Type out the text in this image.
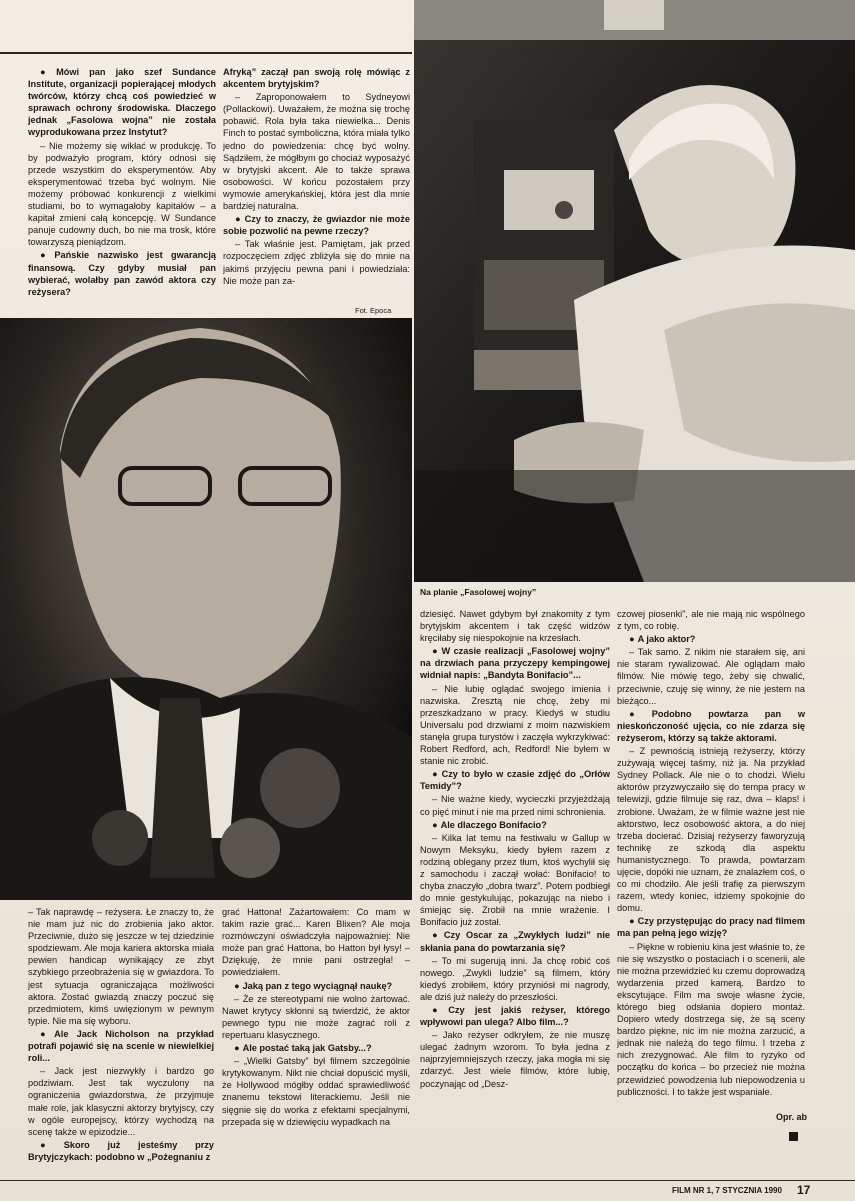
● Mówi pan jako szef Sundance Institute, organizacji popierającej młodych twórców, którzy chcą coś powiedzieć w sprawach ochrony środowiska. Dlaczego jednak „Fasolowa wojna” nie została wyprodukowana przez Instytut?

– Nie możemy się wikłać w produkcję. To by podważyło program, który odnosi się przede wszystkim do eksperymentów. Aby eksperymentować trzeba być wolnym. Nie możemy próbować konkurencji z wielkimi studiami, bo to wymagałoby kapitałów – a kapitał zmieni całą koncepcję. W Sundance panuje cudowny duch, bo nie ma trosk, które towarzyszą pieniądzom.

● Pańskie nazwisko jest gwarancją finansową. Czy gdyby musiał pan wybierać, wolałby pan zawód aktora czy reżysera?

Afryką” zaczął pan swoją rolę mówiąc z akcentem brytyjskim?

– Zaproponowałem to Sydneyowi (Pollackowi). Uważałem, że można się trochę pobawić. Rola była taka niewielka... Denis Finch to postać symboliczna, która miała tylko jedno do powiedzenia: chcę być wolny. Sądziłem, że mógłbym go chociaż wyposażyć w brytyjski akcent. Ale to także sprawa osobowości. W końcu pozostałem przy wymowie amerykańskiej, która jest dla mnie bardziej naturalna.

● Czy to znaczy, że gwiazdor nie może sobie pozwolić na pewne rzeczy?

– Tak właśnie jest. Pamiętam, jak przed rozpoczęciem zdjęć zbliżyła się do mnie na jakimś przyjęciu pewna pani i powiedziała: Nie może pan za-

– Tak naprawdę – reżysera. Łe znaczy to, że nie mam już nic do zrobienia jako aktor. Przeciwnie, dużo się jeszcze w tej dziedzinie spodziewam. Ale moja kariera aktorska miała pewien handicap wynikający ze zbyt szybkiego przeobrażenia się w gwiazdora. To jest sytuacja ograniczająca możliwości aktora. Zostać gwiazdą znaczy poczuć się przedmiotem, kimś uwięzionym w pewnym typie. Nie ma się wyboru.

● Ale Jack Nicholson na przykład potrafi pojawić się na scenie w niewielkiej roli...

– Jack jest niezwykły i bardzo go podziwiam. Jest tak wyczulony na ograniczenia gwiazdorstwa, że przyjmuje małe role, jak klasyczni aktorzy brytyjscy, czy w ogóle europejscy, którzy wychodzą na scenę także w epizodzie...

● Skoro już jesteśmy przy Brytyjczykach: podobno w „Pożegnaniu z

grać Hattona! Zażartowałem: Co mam w takim razie grać... Karen Blixen? Ale moja rozmówczyni oświadczyła najpoważniej: Nie może pan grać Hattona, bo Hatton był łysy! – Dziękuję, że mnie pani ostrzegła! – powiedziałem.

● Jaką pan z tego wyciągnął naukę?

– Że ze stereotypami nie wolno żartować. Nawet krytycy skłonni są twierdzić, że aktor pewnego typu nie może zagrać roli z repertuaru klasycznego.

● Ale postać taką jak Gatsby...?

– „Wielki Gatsby” był filmem szczególnie krytykowanym. Nikt nie chciał dopuścić myśli, że Hollywood mógłby oddać sprawiedliwość znanemu tekstowi literackiemu. Jeśli nie sięgnie się do worka z efektami specjalnymi, przepada się w dziewięciu wypadkach na

dziesięć. Nawet gdybym był znakomity z tym brytyjskim akcentem i tak część widzów kręciłaby się niespokojnie na krzesłach.

● W czasie realizacji „Fasolowej wojny” na drzwiach pana przyczepy kempingowej widniał napis: „Bandyta Bonifacio”...

– Nie lubię oglądać swojego imienia i nazwiska. Zresztą nie chcę, żeby mi przeszkadzano w pracy. Kiedyś w studiu Universalu pod drzwiami z moim nazwiskiem stanęła grupa turystów i zaczęła wykrzykiwać: Robert Redford, ach, Redford! Nie byłem w stanie nic zrobić.

● Czy to było w czasie zdjęć do „Orłów Temidy”?

– Nie ważne kiedy, wycieczki przyjeżdżają co pięć minut i nie ma przed nimi schronienia.

● Ale dlaczego Bonifacio?

– Kilka lat temu na festiwalu w Gallup w Nowym Meksyku, kiedy byłem razem z rodziną oblegany przez tłum, ktoś wychylił się z samochodu i zaczął wołać: Bonifacio! to chyba znaczyło „dobra twarz”. Potem podbiegł do mnie gestykulując, pokazując na niebo i śmiejąc się. Zrobił na mnie wrażenie. I Bonifacio już został.

● Czy Oscar za „Zwykłych ludzi” nie skłania pana do powtarzania się?

– To mi sugerują inni. Ja chcę robić coś nowego. „Zwykli ludzie” są filmem, który kiedyś zrobiłem, który przyniósł mi nagrody, ale dziś już należy do przeszłości.

● Czy jest jakiś reżyser, którego wpływowi pan ulega? Albo film...?

– Jako reżyser odkryłem, że nie muszę ulegać żadnym wzorom. To była jedna z najprzyjemniejszych rzeczy, jaka mogła mi się zdarzyć. Jest wiele filmów, które lubię, poczynając od „Desz-

czowej piosenki”, ale nie mają nic wspólnego z tym, co robię.

● A jako aktor?

– Tak samo. Z nikim nie starałem się, ani nie staram rywalizować. Ale oglądam mało filmów. Nie mówię tego, żeby się chwalić, przeciwnie, czuję się winny, że nie jestem na bieżąco...

● Podobno powtarza pan w nieskończoność ujęcia, co nie zdarza się reżyserom, którzy są także aktorami.

– Z pewnością istnieją reżyserzy, którzy zużywają więcej taśmy, niż ja. Na przykład Sydney Pollack. Ale nie o to chodzi. Wielu aktorów przyzwyczaiło się do tempa pracy w telewizji, gdzie filmuje się raz, dwa – klaps! i zrobione. Uważam, że w filmie ważne jest nie aktorstwo, lecz osobowość aktora, a do niej trzeba docierać. Dzisiaj reżyserzy faworyzują technikę ze szkodą dla aspektu humanistycznego. To prawda, powtarzam ujęcie, dopóki nie uznam, że znalazłem coś, o co mi chodziło. Ale jeśli trafię za pierwszym razem, wtedy koniec, idziemy spokojnie do domu.

● Czy przystępując do pracy nad filmem ma pan pełną jego wizję?

– Piękne w robieniu kina jest właśnie to, że nie się wszystko o postaciach i o scenerii, ale nie można przewidzieć ku czemu doprowadzą wydarzenia przed kamerą. Bardzo to ekscytujące. Film ma swoje własne życie, którego bieg odsłania dopiero montaż. Dopiero wtedy dostrzega się, że są sceny bardzo piękne, nic im nie można zarzucić, a jednak nie należą do tego filmu. I trzeba z nich zrezygnować. Ale film to ryzyko od początku do końca – bo przecież nie można przewidzieć powodzenia lub niepowodzenia u publiczności. I to także jest wspaniałe.

Fot. Epoca
Na planie „Fasolowej wojny”
Opr. ab
FILM NR 1, 7 STYCZNIA 1990 17
